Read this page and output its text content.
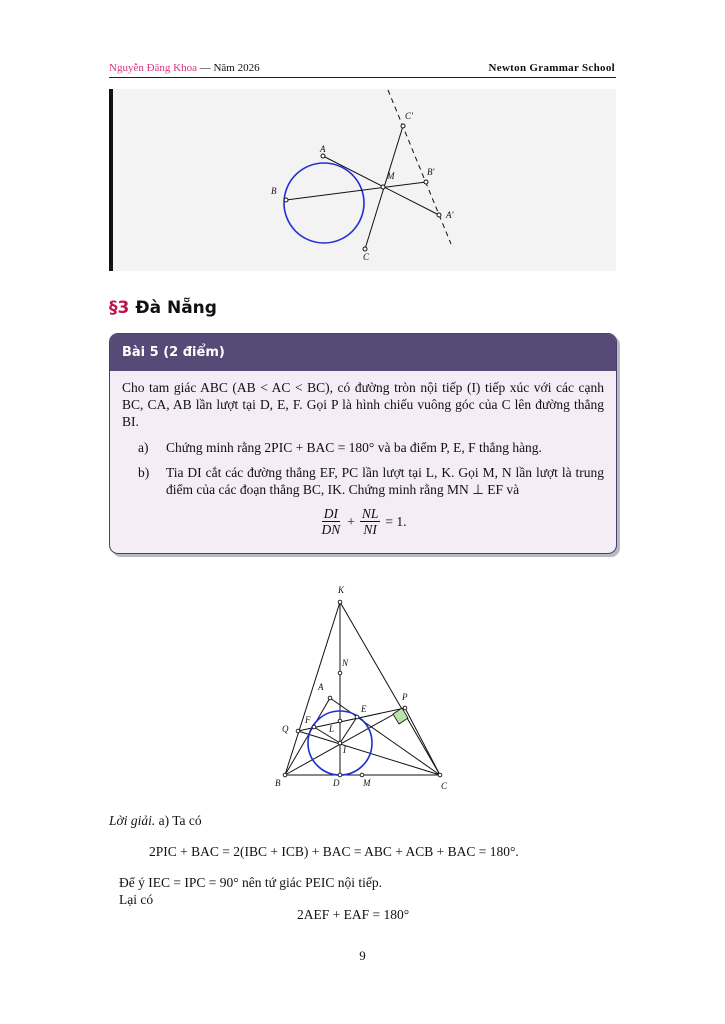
Nguyễn Đăng Khoa — Năm 2026	Newton Grammar School
A
B
C
M
A′
B′
C′
§3 Đà Nẵng
Bài 5 (2 điểm)

Cho tam giác ABC (AB < AC < BC), có đường tròn nội tiếp (I) tiếp xúc với các cạnh BC, CA, AB lần lượt tại D, E, F. Gọi P là hình chiếu vuông góc của C lên đường thẳng BI.

a)	Chứng minh rằng 2PIC + BAC = 180° và ba điểm P, E, F thẳng hàng.
b)	Tia DI cắt các đường thẳng EF, PC lần lượt tại L, K. Gọi M, N lần lượt là trung điểm của các đoạn thẳng BC, IK. Chứng minh rằng MN ⊥ EF và
$\frac{DI}{DN} + \frac{NL}{NI} = 1$.
K
N
A
P
E
F
Q	L
I
B	D	M	C
Lời giải. a) Ta có
2PIC + BAC = 2(IBC + ICB) + BAC = ABC + ACB + BAC = 180°.
Để ý IEC = IPC = 90° nên tứ giác PEIC nội tiếp.
Lại có
2AEF + EAF = 180°
9
